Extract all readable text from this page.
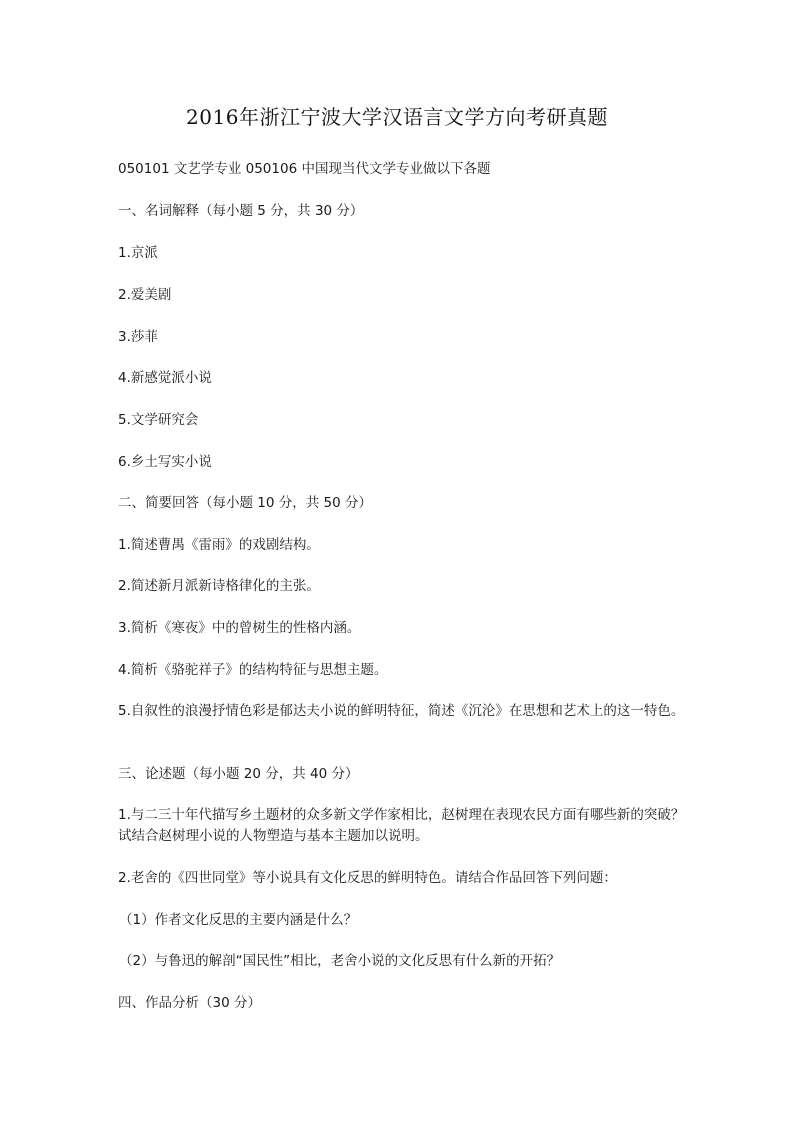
2016年浙江宁波大学汉语言文学方向考研真题
050101 文艺学专业 050106 中国现当代文学专业做以下各题
一、名词解释（每小题 5 分，共 30 分）
1.京派
2.爱美剧
3.莎菲
4.新感觉派小说
5.文学研究会
6.乡土写实小说
二、简要回答（每小题 10 分，共 50 分）
1.简述曹禺《雷雨》的戏剧结构。
2.简述新月派新诗格律化的主张。
3.简析《寒夜》中的曾树生的性格内涵。
4.简析《骆驼祥子》的结构特征与思想主题。
5.自叙性的浪漫抒情色彩是郁达夫小说的鲜明特征，简述《沉沦》在思想和艺术上的这一特色。
三、论述题（每小题 20 分，共 40 分）
1.与二三十年代描写乡土题材的众多新文学作家相比，赵树理在表现农民方面有哪些新的突破？试结合赵树理小说的人物塑造与基本主题加以说明。
2.老舍的《四世同堂》等小说具有文化反思的鲜明特色。请结合作品回答下列问题：
（1）作者文化反思的主要内涵是什么？
（2）与鲁迅的解剖“国民性”相比，老舍小说的文化反思有什么新的开拓？
四、作品分析（30 分）
